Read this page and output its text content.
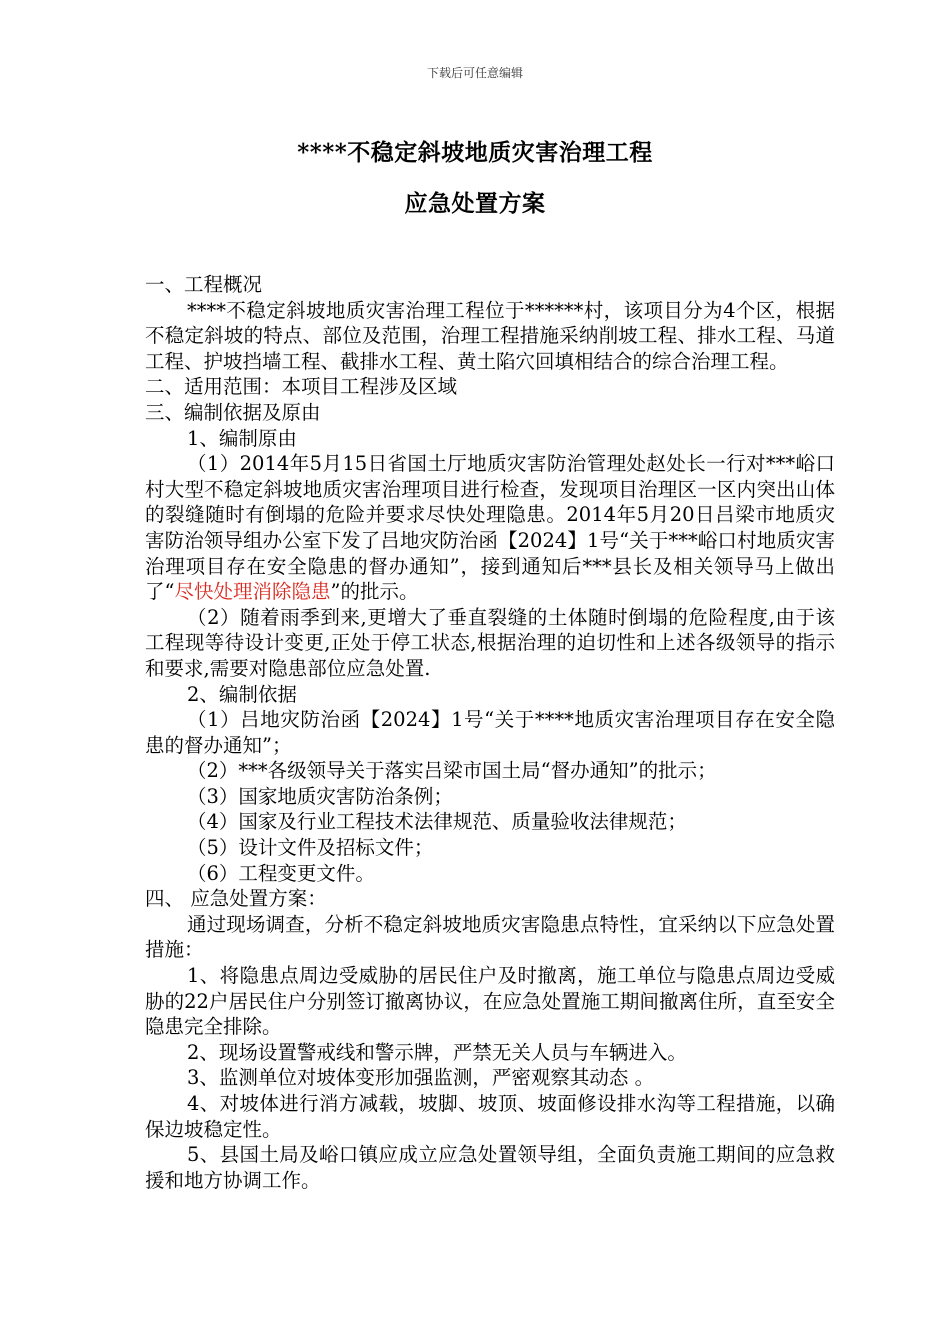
下载后可任意编辑
****不稳定斜坡地质灾害治理工程
应急处置方案

一、工程概况

****不稳定斜坡地质灾害治理工程位于******村，该项目分为4个区，根据不稳定斜坡的特点、部位及范围，治理工程措施采纳削坡工程、排水工程、马道工程、护坡挡墙工程、截排水工程、黄土陷穴回填相结合的综合治理工程。

二、适用范围：本项目工程涉及区域

三、编制依据及原由

1、编制原由

（1）2014年5月15日省国土厅地质灾害防治管理处赵处长一行对***峪口村大型不稳定斜坡地质灾害治理项目进行检查，发现项目治理区一区内突出山体的裂缝随时有倒塌的危险并要求尽快处理隐患。2014年5月20日吕梁市地质灾害防治领导组办公室下发了吕地灾防治函【2024】1号“关于***峪口村地质灾害治理项目存在安全隐患的督办通知”，接到通知后***县长及相关领导马上做出了“尽快处理消除隐患”的批示。

（2）随着雨季到来,更增大了垂直裂缝的土体随时倒塌的危险程度,由于该工程现等待设计变更,正处于停工状态,根据治理的迫切性和上述各级领导的指示和要求,需要对隐患部位应急处置.

2、编制依据

（1）吕地灾防治函【2024】1号“关于****地质灾害治理项目存在安全隐患的督办通知”；

（2）***各级领导关于落实吕梁市国土局“督办通知”的批示；

（3）国家地质灾害防治条例；

（4）国家及行业工程技术法律规范、质量验收法律规范；

（5）设计文件及招标文件；

（6）工程变更文件。

四、 应急处置方案：

通过现场调查，分析不稳定斜坡地质灾害隐患点特性，宜采纳以下应急处置措施：

1、将隐患点周边受威胁的居民住户及时撤离，施工单位与隐患点周边受威胁的22户居民住户分别签订撤离协议，在应急处置施工期间撤离住所，直至安全隐患完全排除。

2、现场设置警戒线和警示牌，严禁无关人员与车辆进入。

3、监测单位对坡体变形加强监测，严密观察其动态 。

4、对坡体进行消方减载，坡脚、坡顶、坡面修设排水沟等工程措施，以确保边坡稳定性。

5、县国土局及峪口镇应成立应急处置领导组，全面负责施工期间的应急救援和地方协调工作。
